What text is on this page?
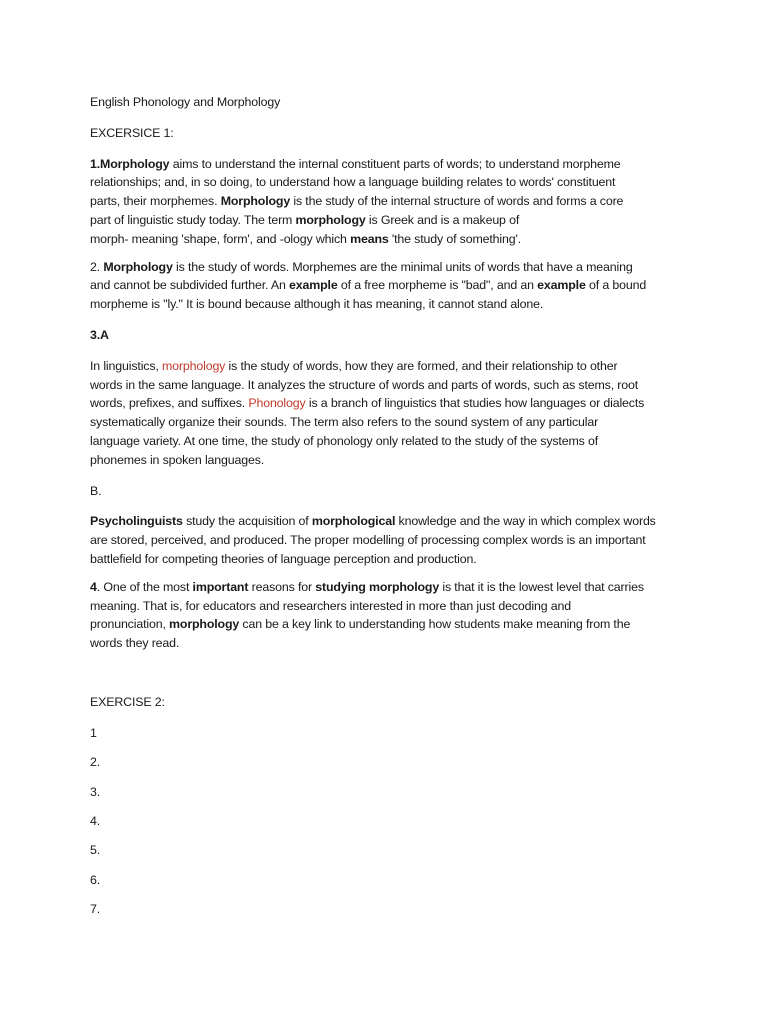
English Phonology and Morphology

EXCERSICE 1:

1.Morphology aims to understand the internal constituent parts of words; to understand morpheme

relationships; and, in so doing, to understand how a language building relates to words' constituent

parts, their morphemes. Morphology is the study of the internal structure of words and forms a core

part of linguistic study today. The term morphology is Greek and is a makeup of

morph- meaning 'shape, form', and -ology which means 'the study of something'.

2. Morphology is the study of words. Morphemes are the minimal units of words that have a meaning

and cannot be subdivided further. An example of a free morpheme is "bad", and an example of a bound

morpheme is "ly." It is bound because although it has meaning, it cannot stand alone.

3.A

In linguistics, morphology is the study of words, how they are formed, and their relationship to other

words in the same language. It analyzes the structure of words and parts of words, such as stems, root

words, prefixes, and suffixes. Phonology is a branch of linguistics that studies how languages or dialects

systematically organize their sounds. The term also refers to the sound system of any particular

language variety. At one time, the study of phonology only related to the study of the systems of

phonemes in spoken languages.

B.

Psycholinguists study the acquisition of morphological knowledge and the way in which complex words

are stored, perceived, and produced. The proper modelling of processing complex words is an important

battlefield for competing theories of language perception and production.

4. One of the most important reasons for studying morphology is that it is the lowest level that carries

meaning. That is, for educators and researchers interested in more than just decoding and

pronunciation, morphology can be a key link to understanding how students make meaning from the

words they read.

EXERCISE 2:

1

2.

3.

4.

5.

6.

7.
